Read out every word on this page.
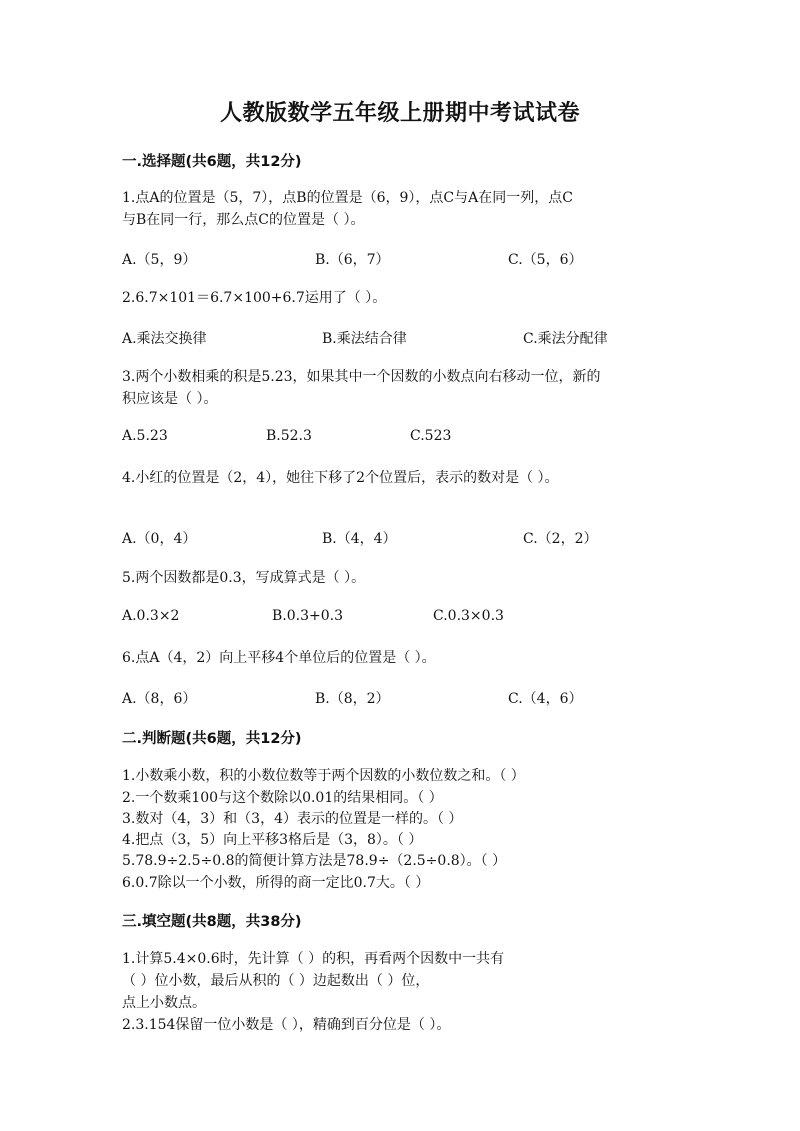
人教版数学五年级上册期中考试试卷
一.选择题(共6题，共12分)
1.点A的位置是（5，7），点B的位置是（6，9），点C与A在同一列，点C
与B在同一行，那么点C的位置是（ ）。
A.（5，9）	B.（6，7）	C.（5，6）
2.6.7×101＝6.7×100+6.7运用了（ ）。
A.乘法交换律	B.乘法结合律	C.乘法分配律
3.两个小数相乘的积是5.23，如果其中一个因数的小数点向右移动一位，新的
积应该是（ ）。
A.5.23	B.52.3	C.523
4.小红的位置是（2，4），她往下移了2个位置后，表示的数对是（ ）。
A.（0，4）	B.（4，4）	C.（2，2）
5.两个因数都是0.3，写成算式是（ ）。
A.0.3×2	B.0.3+0.3	C.0.3×0.3
6.点A（4，2）向上平移4个单位后的位置是（ ）。
A.（8，6）	B.（8，2）	C.（4，6）
二.判断题(共6题，共12分)
1.小数乘小数，积的小数位数等于两个因数的小数位数之和。（ ）
2.一个数乘100与这个数除以0.01的结果相同。（ ）
3.数对（4，3）和（3，4）表示的位置是一样的。（ ）
4.把点（3，5）向上平移3格后是（3，8）。（ ）
5.78.9÷2.5÷0.8的简便计算方法是78.9÷（2.5÷0.8）。（ ）
6.0.7除以一个小数，所得的商一定比0.7大。（ ）
三.填空题(共8题，共38分)
1.计算5.4×0.6时，先计算（ ）的积，再看两个因数中一共有
（ ）位小数，最后从积的（ ）边起数出（ ）位，
点上小数点。
2.3.154保留一位小数是（ ），精确到百分位是（ ）。
